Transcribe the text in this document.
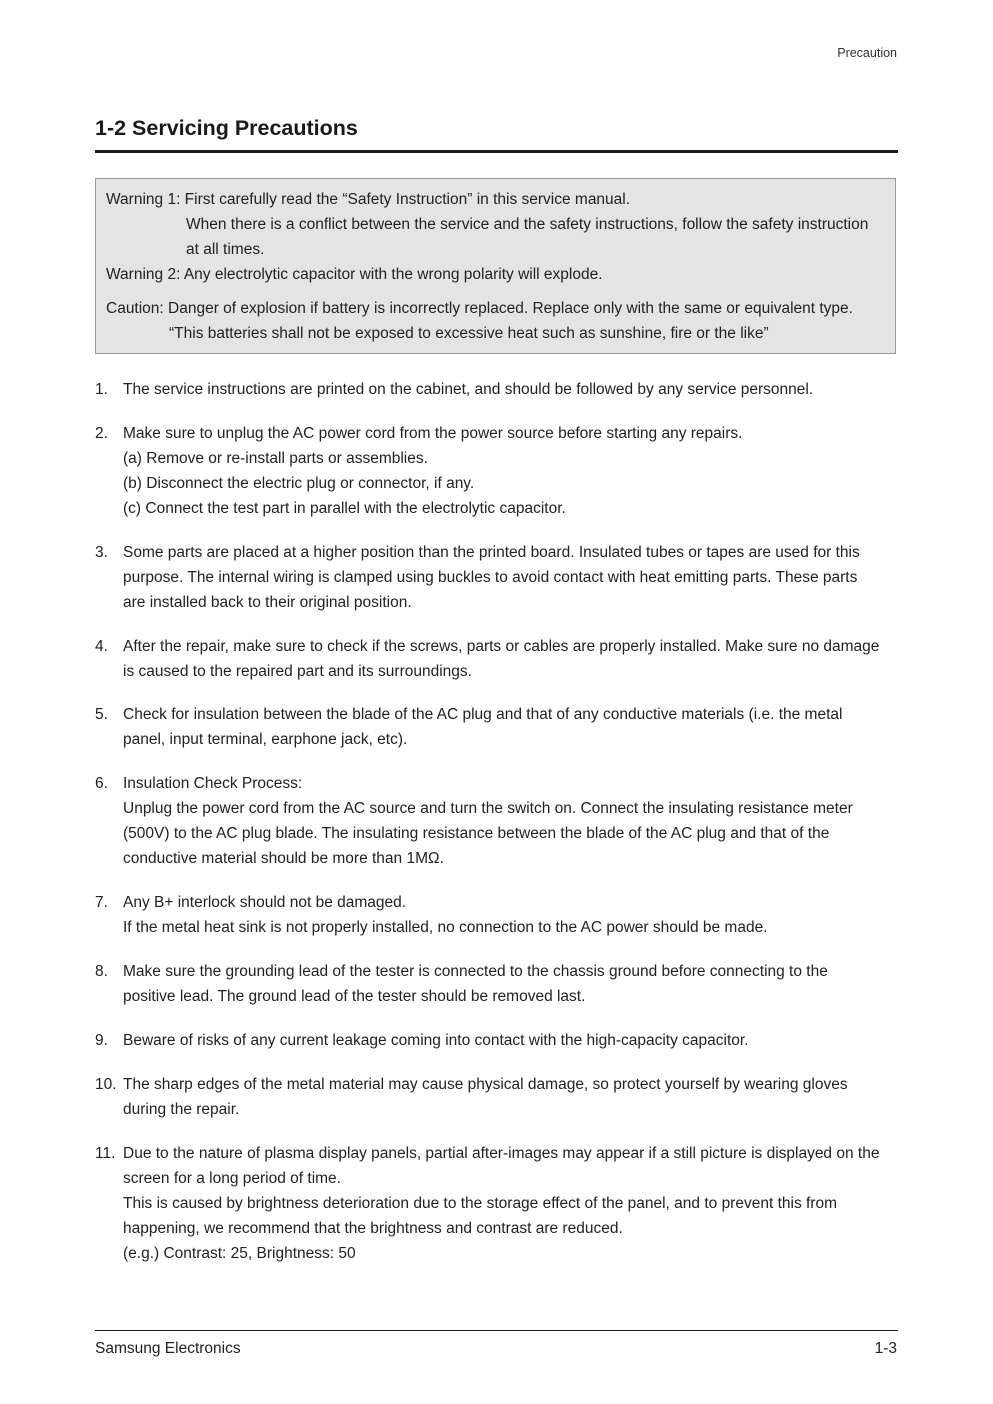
Precaution
1-2 Servicing Precautions
Warning 1: First carefully read the “Safety Instruction” in this service manual.
When there is a conflict between the service and the safety instructions, follow the safety instruction
at all times.
Warning 2: Any electrolytic capacitor with the wrong polarity will explode.
Caution: Danger of explosion if battery is incorrectly replaced. Replace only with the same or equivalent type.
“This batteries shall not be exposed to excessive heat such as sunshine, fire or the like”
1. The service instructions are printed on the cabinet, and should be followed by any service personnel.
2. Make sure to unplug the AC power cord from the power source before starting any repairs.
(a) Remove or re-install parts or assemblies.
(b) Disconnect the electric plug or connector, if any.
(c) Connect the test part in parallel with the electrolytic capacitor.
3. Some parts are placed at a higher position than the printed board. Insulated tubes or tapes are used for this
purpose. The internal wiring is clamped using buckles to avoid contact with heat emitting parts. These parts
are installed back to their original position.
4. After the repair, make sure to check if the screws, parts or cables are properly installed. Make sure no damage
is caused to the repaired part and its surroundings.
5. Check for insulation between the blade of the AC plug and that of any conductive materials (i.e. the metal
panel, input terminal, earphone jack, etc).
6. Insulation Check Process:
Unplug the power cord from the AC source and turn the switch on. Connect the insulating resistance meter
(500V) to the AC plug blade. The insulating resistance between the blade of the AC plug and that of the
conductive material should be more than 1MΩ.
7. Any B+ interlock should not be damaged.
If the metal heat sink is not properly installed, no connection to the AC power should be made.
8. Make sure the grounding lead of the tester is connected to the chassis ground before connecting to the
positive lead. The ground lead of the tester should be removed last.
9. Beware of risks of any current leakage coming into contact with the high-capacity capacitor.
10. The sharp edges of the metal material may cause physical damage, so protect yourself by wearing gloves
during the repair.
11. Due to the nature of plasma display panels, partial after-images may appear if a still picture is displayed on the
screen for a long period of time.
This is caused by brightness deterioration due to the storage effect of the panel, and to prevent this from
happening, we recommend that the brightness and contrast are reduced.
(e.g.) Contrast: 25, Brightness: 50
Samsung Electronics	1-3
